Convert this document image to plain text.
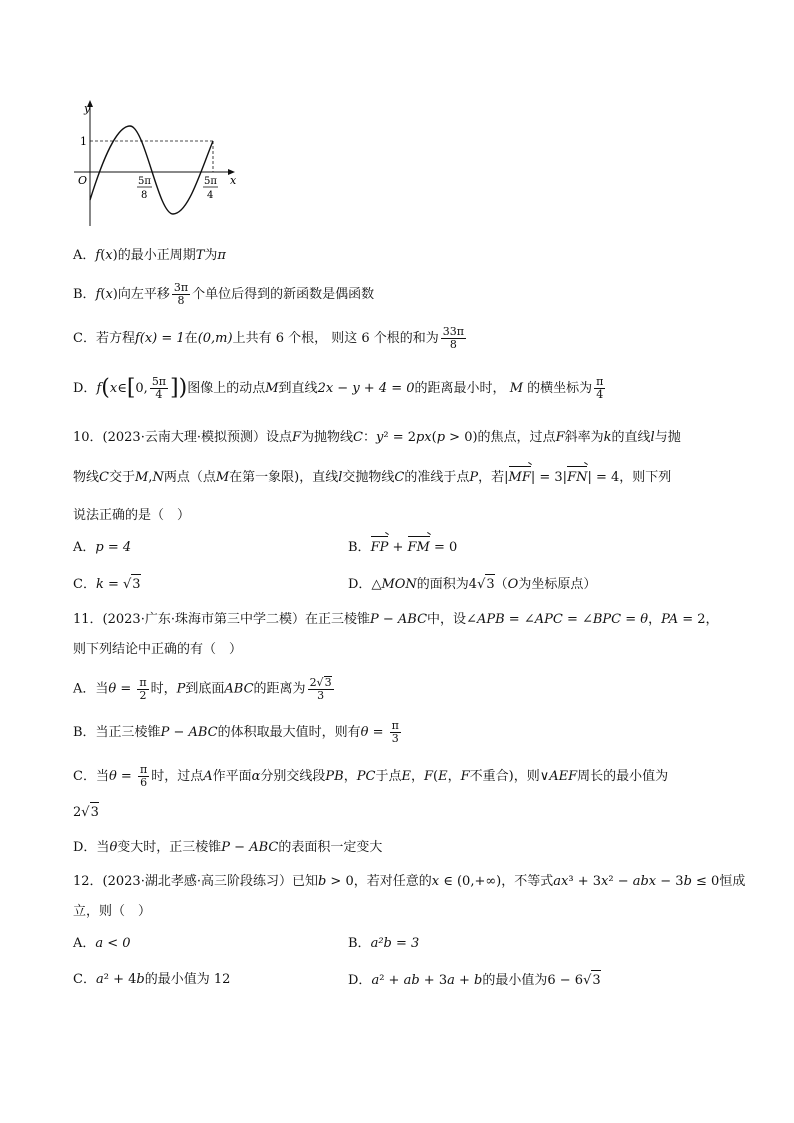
y
x
O
1
5π
8
5π
4
A．f(x)的最小正周期T为π
B．f(x)向左平移 $\frac{3\pi}{8}$ 个单位后得到的新函数是偶函数
C．若方程f(x) = 1在(0,m)上共有 6 个根， 则这 6 个根的和为 $\frac{33\pi}{8}$
D．f(x∈[0, $\frac{5\pi}{4}$ ])图像上的动点M到直线2x − y + 4 = 0的距离最小时， M 的横坐标为 $\frac{\pi}{4}$
10．(2023·云南大理·模拟预测）设点F为抛物线C：y² = 2px(p > 0)的焦点，过点F斜率为k的直线l与抛
物线C交于M,N两点（点M在第一象限)，直线l交抛物线C的准线于点P，若|MF| = 3|FN| = 4，则下列
说法正确的是（　）
A．p = 4	B．FP + FM = 0
C．k = √3	D．△MON的面积为4√3（O为坐标原点）
11．(2023·广东·珠海市第三中学二模）在正三棱锥P − ABC中，设∠APB = ∠APC = ∠BPC = θ，PA = 2，
则下列结论中正确的有（　）
A．当$\theta = \frac{\pi}{2}$ 时，P到底面ABC的距离为 $\frac{2√3}{3}$
B．当正三棱锥P − ABC的体积取最大值时，则有$\theta = \frac{\pi}{3}$
C．当$\theta = \frac{\pi}{6}$ 时，过点A作平面α分别交线段PB，PC于点E，F(E，F不重合)，则∨AEF周长的最小值为
2√3
D．当θ变大时，正三棱锥P − ABC的表面积一定变大
12．(2023·湖北孝感·高三阶段练习）已知b > 0，若对任意的x ∈ (0,+∞)，不等式ax³ + 3x² − abx − 3b ≤ 0恒成
立，则（　）
A．a < 0	B．a²b = 3
C．a² + 4b的最小值为 12	D．a² + ab + 3a + b的最小值为6 − 6√3
